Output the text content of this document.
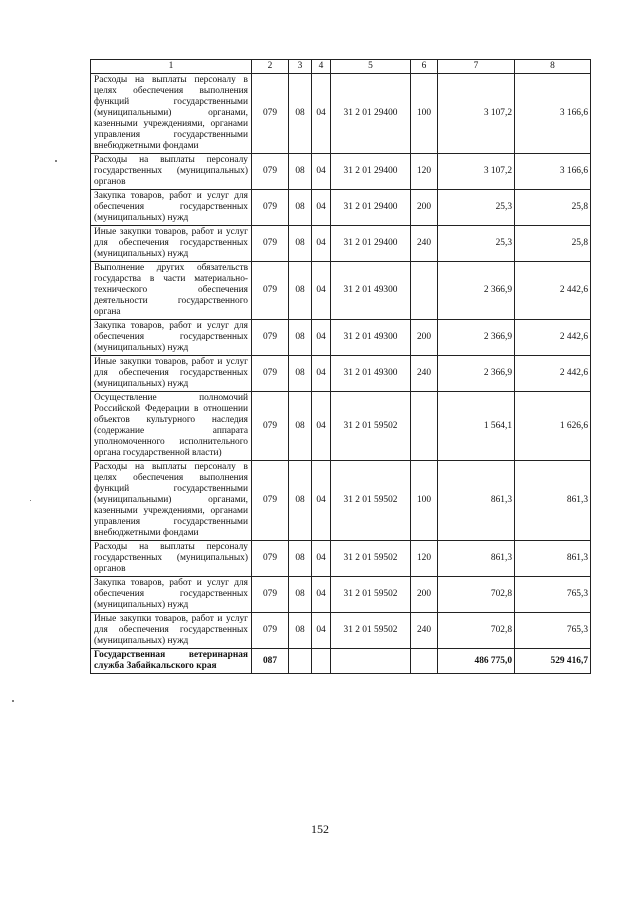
1	2	3	4	5	6	7	8
Расходы на выплаты персоналу в целях обеспечения выполнения функций государственными (муниципальными) органами, казенными учреждениями, органами управления государственными внебюджетными фондами	079	08	04	31 2 01 29400	100	3 107,2	3 166,6
Расходы на выплаты персоналу государственных (муниципальных) органов	079	08	04	31 2 01 29400	120	3 107,2	3 166,6
Закупка товаров, работ и услуг для обеспечения государственных (муниципальных) нужд	079	08	04	31 2 01 29400	200	25,3	25,8
Иные закупки товаров, работ и услуг для обеспечения государственных (муниципальных) нужд	079	08	04	31 2 01 29400	240	25,3	25,8
Выполнение других обязательств государства в части материально-технического обеспечения деятельности государственного органа	079	08	04	31 2 01 49300		2 366,9	2 442,6
Закупка товаров, работ и услуг для обеспечения государственных (муниципальных) нужд	079	08	04	31 2 01 49300	200	2 366,9	2 442,6
Иные закупки товаров, работ и услуг для обеспечения государственных (муниципальных) нужд	079	08	04	31 2 01 49300	240	2 366,9	2 442,6
Осуществление полномочий Российской Федерации в отношении объектов культурного наследия (содержание аппарата уполномоченного исполнительного органа государственной власти)	079	08	04	31 2 01 59502		1 564,1	1 626,6
Расходы на выплаты персоналу в целях обеспечения выполнения функций государственными (муниципальными) органами, казенными учреждениями, органами управления государственными внебюджетными фондами	079	08	04	31 2 01 59502	100	861,3	861,3
Расходы на выплаты персоналу государственных (муниципальных) органов	079	08	04	31 2 01 59502	120	861,3	861,3
Закупка товаров, работ и услуг для обеспечения государственных (муниципальных) нужд	079	08	04	31 2 01 59502	200	702,8	765,3
Иные закупки товаров, работ и услуг для обеспечения государственных (муниципальных) нужд	079	08	04	31 2 01 59502	240	702,8	765,3
Государственная ветеринарная служба Забайкальского края	087					486 775,0	529 416,7
152
